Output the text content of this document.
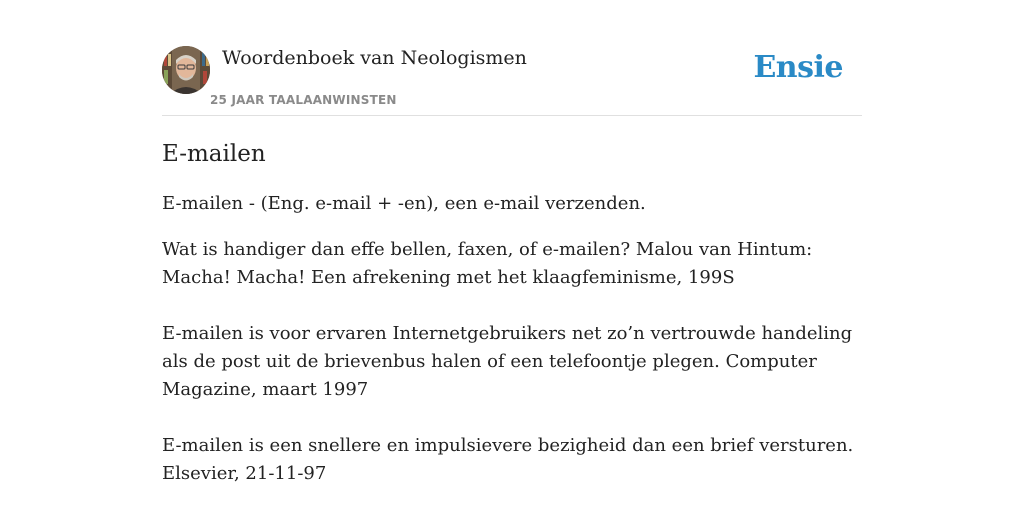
Woordenboek van Neologismen
25 JAAR TAALAANWINSTEN
Ensie
E-mailen

E-mailen - (Eng. e-mail + -en), een e-mail verzenden.

Wat is handiger dan effe bellen, faxen, of e-mailen? Malou van Hintum: Macha! Macha! Een afrekening met het klaagfeminisme, 199S

E-mailen is voor ervaren Internetgebruikers net zo’n vertrouwde handeling als de post uit de brievenbus halen of een telefoontje plegen. Computer Magazine, maart 1997

E-mailen is een snellere en impulsievere bezigheid dan een brief versturen. Elsevier, 21-11-97
